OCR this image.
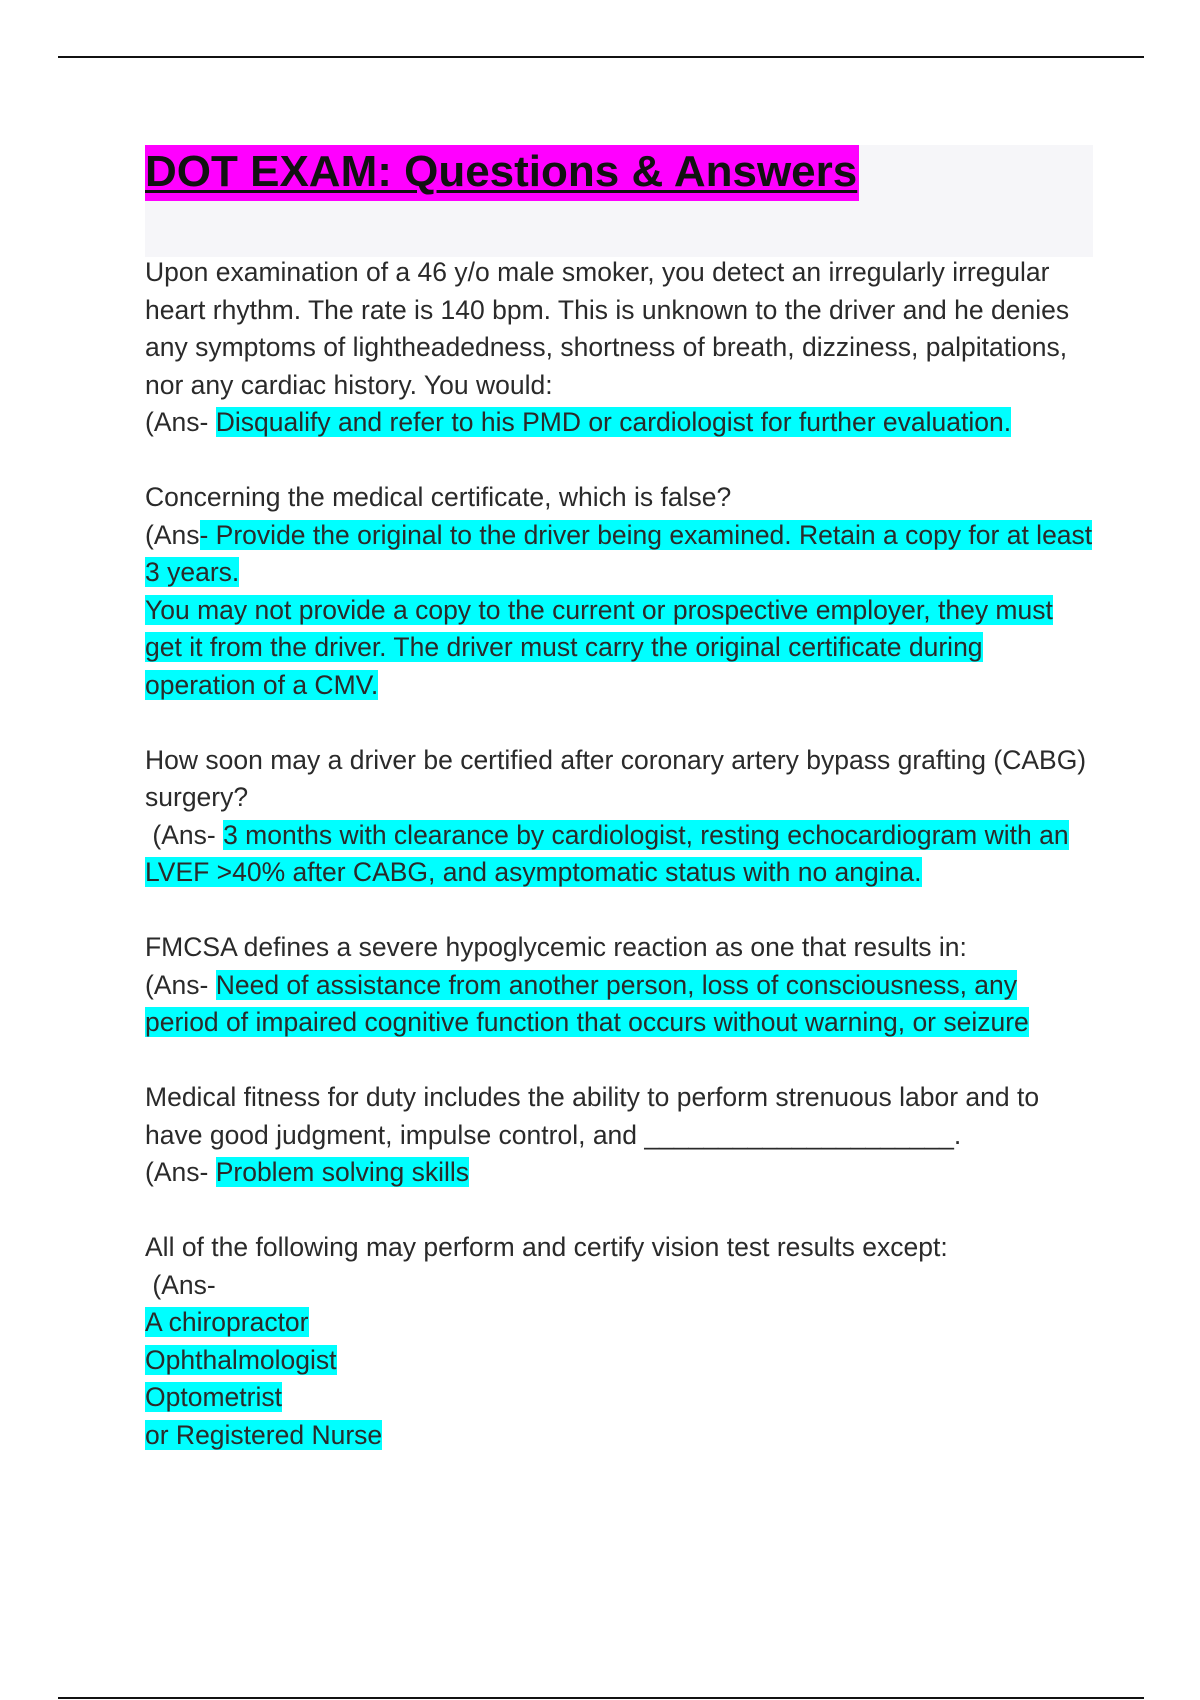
DOT EXAM: Questions & Answers

Upon examination of a 46 y/o male smoker, you detect an irregularly irregular heart rhythm. The rate is 140 bpm. This is unknown to the driver and he denies any symptoms of lightheadedness, shortness of breath, dizziness, palpitations, nor any cardiac history. You would:

(Ans- Disqualify and refer to his PMD or cardiologist for further evaluation.

Concerning the medical certificate, which is false?

(Ans- Provide the original to the driver being examined. Retain a copy for at least 3 years.

You may not provide a copy to the current or prospective employer, they must get it from the driver. The driver must carry the original certificate during operation of a CMV.

How soon may a driver be certified after coronary artery bypass grafting (CABG) surgery?

(Ans- 3 months with clearance by cardiologist, resting echocardiogram with an LVEF >40% after CABG, and asymptomatic status with no angina.

FMCSA defines a severe hypoglycemic reaction as one that results in:

(Ans- Need of assistance from another person, loss of consciousness, any period of impaired cognitive function that occurs without warning, or seizure

Medical fitness for duty includes the ability to perform strenuous labor and to have good judgment, impulse control, and _____________________.

(Ans- Problem solving skills

All of the following may perform and certify vision test results except:

(Ans-

A chiropractor
Ophthalmologist
Optometrist
or Registered Nurse
